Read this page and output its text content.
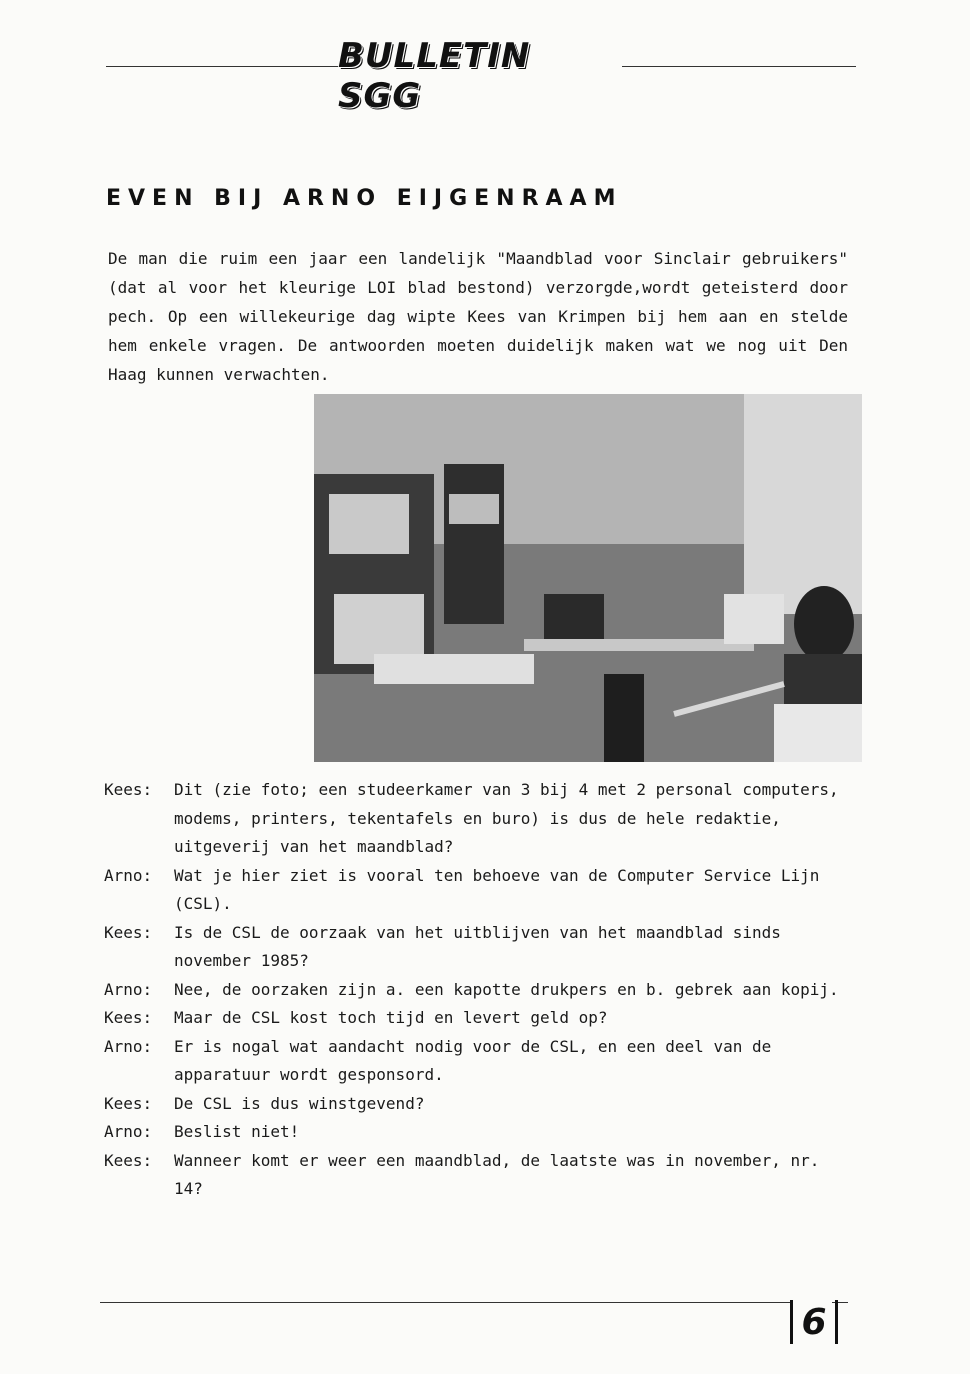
BULLETIN SGG
EVEN BIJ ARNO EIJGENRAAM

De man die ruim een jaar een landelijk "Maandblad voor Sinclair gebruikers" (dat al voor het kleurige LOI blad bestond) verzorgde,wordt geteisterd door pech. Op een willekeurige dag wipte Kees van Krimpen bij hem aan en stelde hem enkele vragen. De antwoorden moeten duidelijk maken wat we nog uit Den Haag kunnen verwachten.

Kees:	Dit (zie foto; een studeerkamer van 3 bij 4 met 2 personal computers, modems, printers, tekentafels en buro) is dus de hele redaktie, uitgeverij van het maandblad?
Arno:	Wat je hier ziet is vooral ten behoeve van de Computer Service Lijn (CSL).
Kees:	Is de CSL de oorzaak van het uitblijven van het maandblad sinds november 1985?
Arno:	Nee, de oorzaken zijn a. een kapotte drukpers en b. gebrek aan kopij.
Kees:	Maar de CSL kost toch tijd en levert geld op?
Arno:	Er is nogal wat aandacht nodig voor de CSL, en een deel van de apparatuur wordt gesponsord.
Kees:	De CSL is dus winstgevend?
Arno:	Beslist niet!
Kees:	Wanneer komt er weer een maandblad, de laatste was in november, nr. 14?
6
